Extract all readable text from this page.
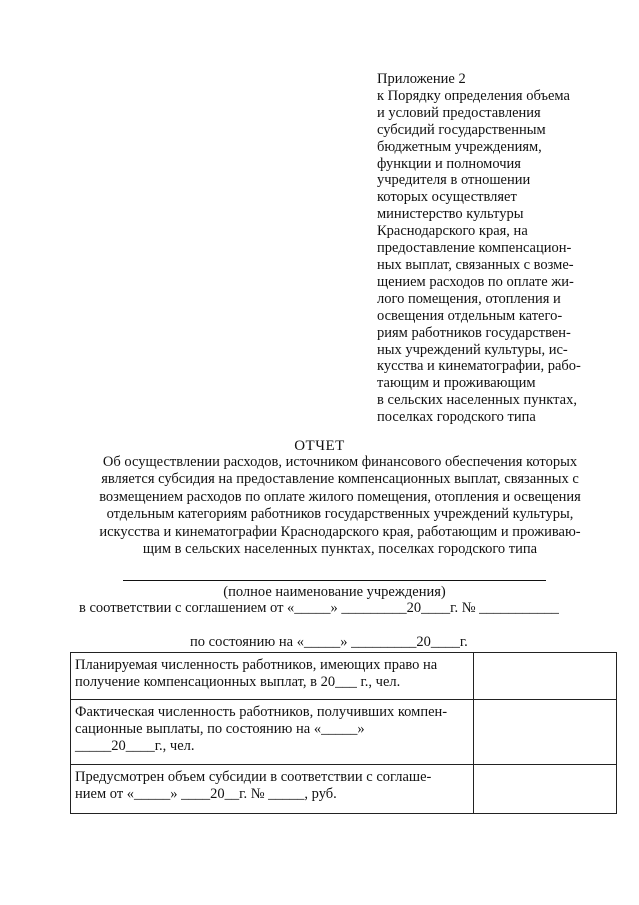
Приложение 2
к Порядку определения объема
и условий предоставления
субсидий государственным
бюджетным учреждениям,
функции и полномочия
учредителя в отношении
которых осуществляет
министерство культуры
Краснодарского края, на
предоставление компенсацион-
ных выплат, связанных с возме-
щением расходов по оплате жи-
лого помещения, отопления и
освещения отдельным катего-
риям работников государствен-
ных учреждений культуры, ис-
кусства и кинематографии, рабо-
тающим и проживающим
в сельских населенных пунктах,
поселках городского типа
ОТЧЕТ
Об осуществлении расходов, источником финансового обеспечения которых
является субсидия на предоставление компенсационных выплат, связанных с
возмещением расходов по оплате жилого помещения, отопления и освещения
отдельным категориям работников государственных учреждений культуры,
искусства и кинематографии Краснодарского края, работающим и проживаю-
щим в сельских населенных пунктах, поселках городского типа
(полное наименование учреждения)
в соответствии с соглашением от «_____» _________20____г. № ___________
по состоянию на «_____» _________20____г.
Планируемая численность работников, имеющих право на
получение компенсационных выплат, в 20___ г., чел.	

Фактическая численность работников, получивших компен-
сационные выплаты, по состоянию на «_____»
_____20____г., чел.	

Предусмотрен объем субсидии в соответствии с соглаше-
нием от «_____» ____20__г. № _____, руб.	
